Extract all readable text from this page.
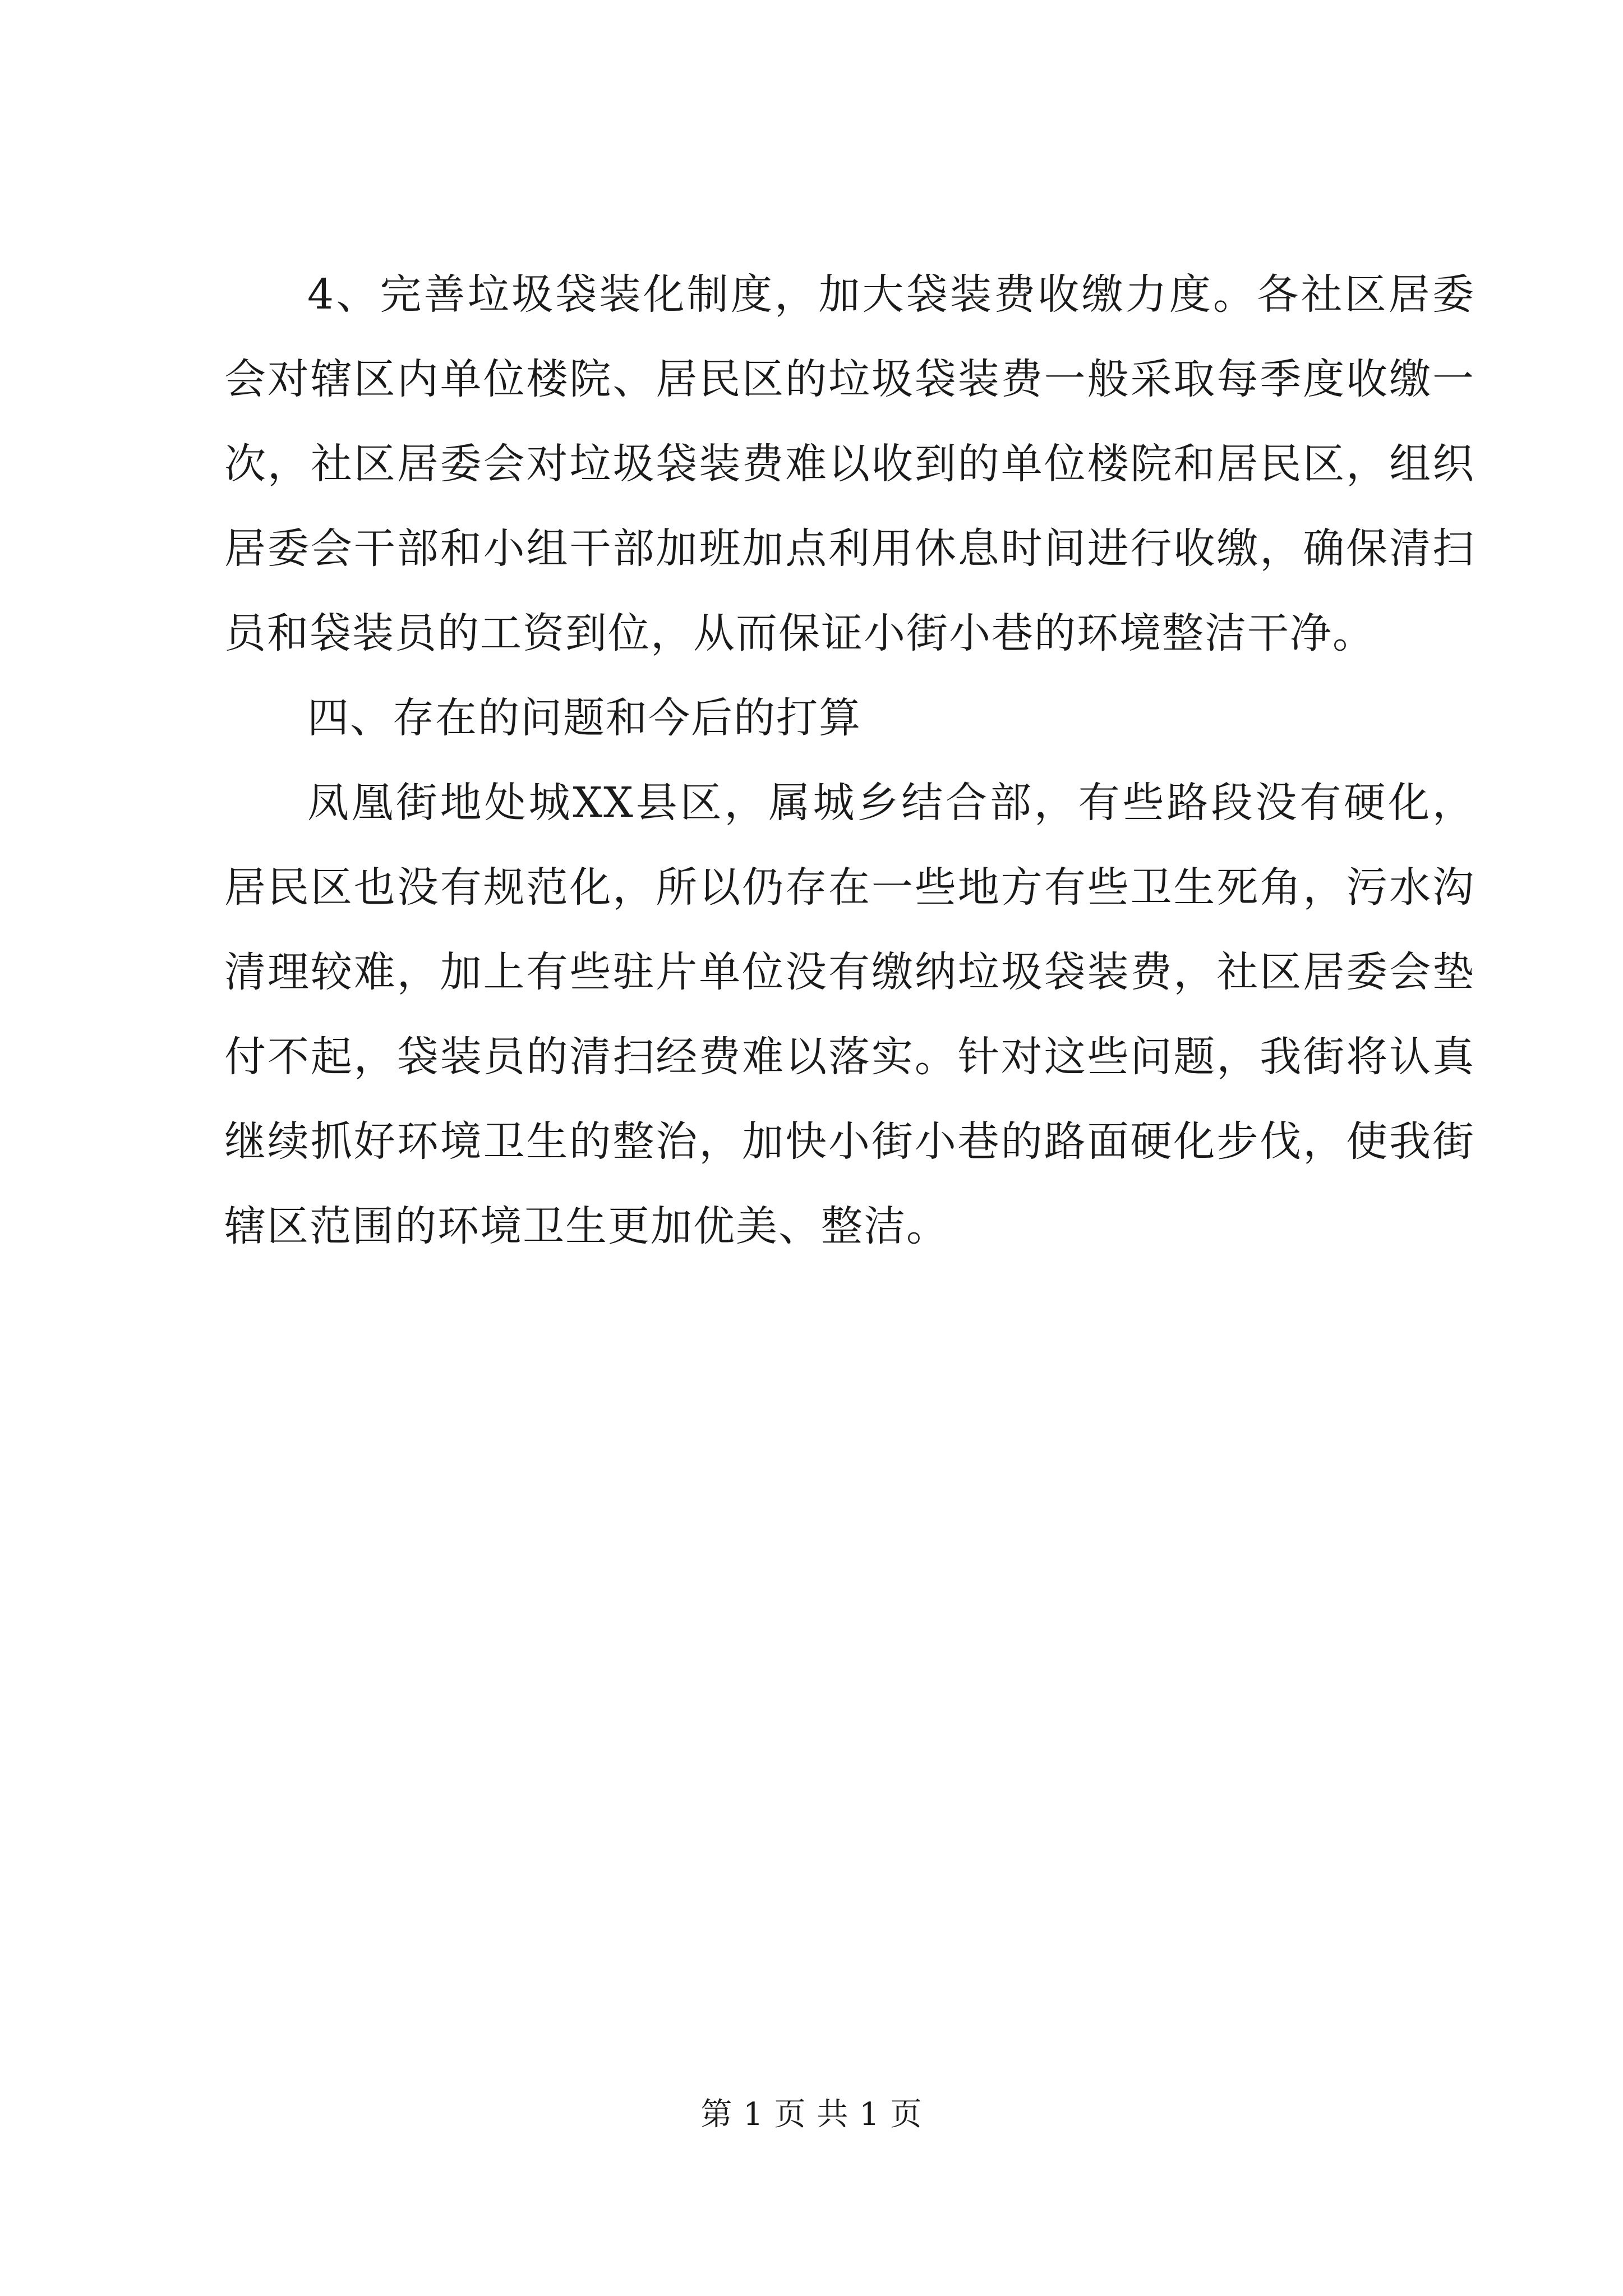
4、完善垃圾袋装化制度，加大袋装费收缴力度。各社区居委会对辖区内单位楼院、居民区的垃圾袋装费一般采取每季度收缴一次，社区居委会对垃圾袋装费难以收到的单位楼院和居民区，组织居委会干部和小组干部加班加点利用休息时间进行收缴，确保清扫员和袋装员的工资到位，从而保证小街小巷的环境整洁干净。

四、存在的问题和今后的打算

凤凰街地处城XX县区，属城乡结合部，有些路段没有硬化，居民区也没有规范化，所以仍存在一些地方有些卫生死角，污水沟清理较难，加上有些驻片单位没有缴纳垃圾袋装费，社区居委会垫付不起，袋装员的清扫经费难以落实。针对这些问题，我街将认真继续抓好环境卫生的整治，加快小街小巷的路面硬化步伐，使我街辖区范围的环境卫生更加优美、整洁。

第 1 页 共 1 页
